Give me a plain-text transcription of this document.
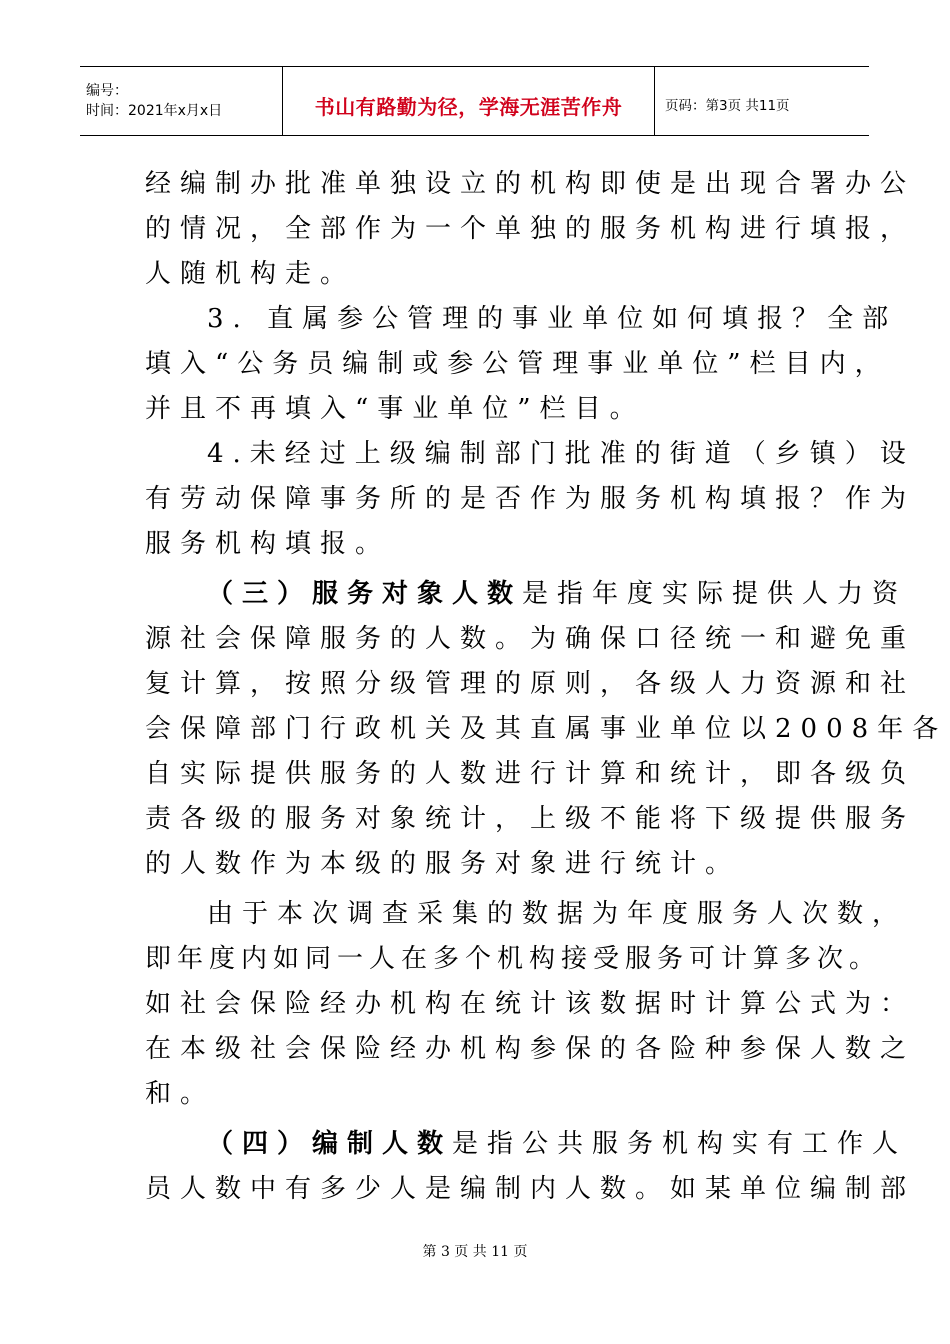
编号：
时间：2021年x月x日	书山有路勤为径，学海无涯苦作舟	页码：第3页 共11页
经编制办批准单独设立的机构即使是出现合署办公
的情况，全部作为一个单独的服务机构进行填报，
人随机构走。
3. 直属参公管理的事业单位如何填报？全部
填入“公务员编制或参公管理事业单位”栏目内，
并且不再填入“事业单位”栏目。
4.未经过上级编制部门批准的街道（乡镇）设
有劳动保障事务所的是否作为服务机构填报？作为
服务机构填报。
（三）服务对象人数是指年度实际提供人力资
源社会保障服务的人数。为确保口径统一和避免重
复计算，按照分级管理的原则，各级人力资源和社
会保障部门行政机关及其直属事业单位以2008年各
自实际提供服务的人数进行计算和统计，即各级负
责各级的服务对象统计，上级不能将下级提供服务
的人数作为本级的服务对象进行统计。
由于本次调查采集的数据为年度服务人次数，
即年度内如同一人在多个机构接受服务可计算多次。
如社会保险经办机构在统计该数据时计算公式为：
在本级社会保险经办机构参保的各险种参保人数之
和。
（四）编制人数是指公共服务机构实有工作人
员人数中有多少人是编制内人数。如某单位编制部
第 3 页 共 11 页
